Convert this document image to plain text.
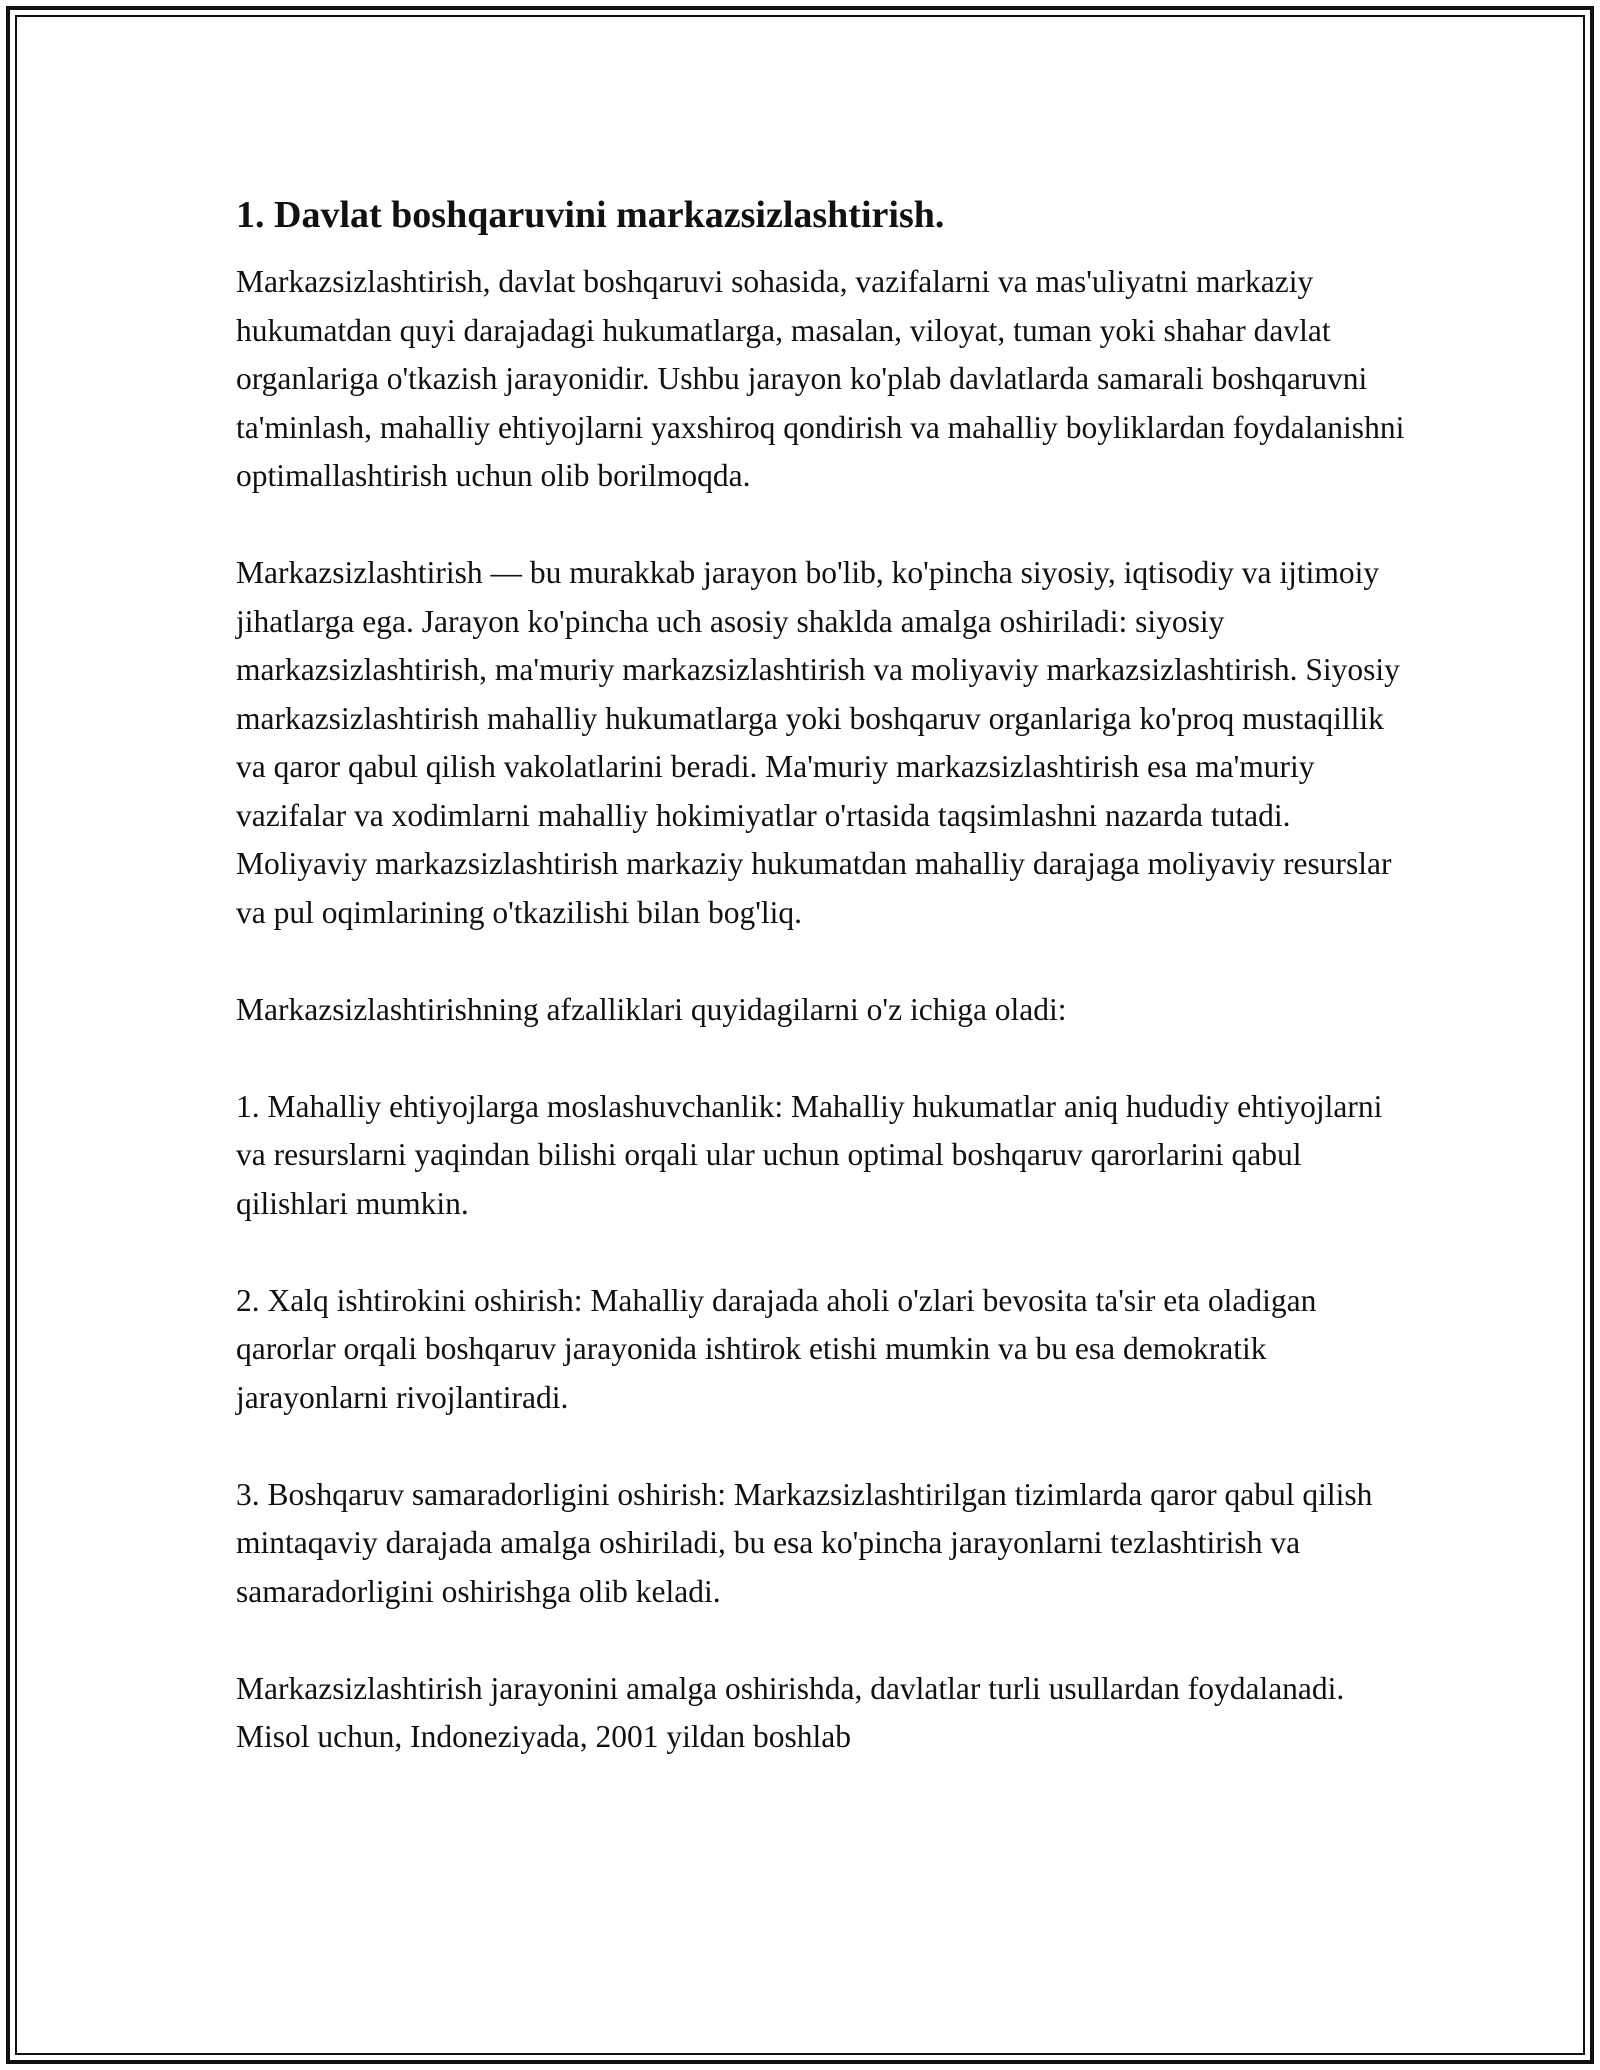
1. Davlat boshqaruvini markazsizlashtirish.

Markazsizlashtirish, davlat boshqaruvi sohasida, vazifalarni va mas'uliyatni markaziy hukumatdan quyi darajadagi hukumatlarga, masalan, viloyat, tuman yoki shahar davlat organlariga o'tkazish jarayonidir. Ushbu jarayon ko'plab davlatlarda samarali boshqaruvni ta'minlash, mahalliy ehtiyojlarni yaxshiroq qondirish va mahalliy boyliklardan foydalanishni optimallashtirish uchun olib borilmoqda.

Markazsizlashtirish — bu murakkab jarayon bo'lib, ko'pincha siyosiy, iqtisodiy va ijtimoiy jihatlarga ega. Jarayon ko'pincha uch asosiy shaklda amalga oshiriladi: siyosiy markazsizlashtirish, ma'muriy markazsizlashtirish va moliyaviy markazsizlashtirish. Siyosiy markazsizlashtirish mahalliy hukumatlarga yoki boshqaruv organlariga ko'proq mustaqillik va qaror qabul qilish vakolatlarini beradi. Ma'muriy markazsizlashtirish esa ma'muriy vazifalar va xodimlarni mahalliy hokimiyatlar o'rtasida taqsimlashni nazarda tutadi. Moliyaviy markazsizlashtirish markaziy hukumatdan mahalliy darajaga moliyaviy resurslar va pul oqimlarining o'tkazilishi bilan bog'liq.

Markazsizlashtirishning afzalliklari quyidagilarni o'z ichiga oladi:

1. Mahalliy ehtiyojlarga moslashuvchanlik: Mahalliy hukumatlar aniq hududiy ehtiyojlarni va resurslarni yaqindan bilishi orqali ular uchun optimal boshqaruv qarorlarini qabul qilishlari mumkin.

2. Xalq ishtirokini oshirish: Mahalliy darajada aholi o'zlari bevosita ta'sir eta oladigan qarorlar orqali boshqaruv jarayonida ishtirok etishi mumkin va bu esa demokratik jarayonlarni rivojlantiradi.

3. Boshqaruv samaradorligini oshirish: Markazsizlashtirilgan tizimlarda qaror qabul qilish mintaqaviy darajada amalga oshiriladi, bu esa ko'pincha jarayonlarni tezlashtirish va samaradorligini oshirishga olib keladi.

Markazsizlashtirish jarayonini amalga oshirishda, davlatlar turli usullardan foydalanadi. Misol uchun, Indoneziyada, 2001 yildan boshlab
